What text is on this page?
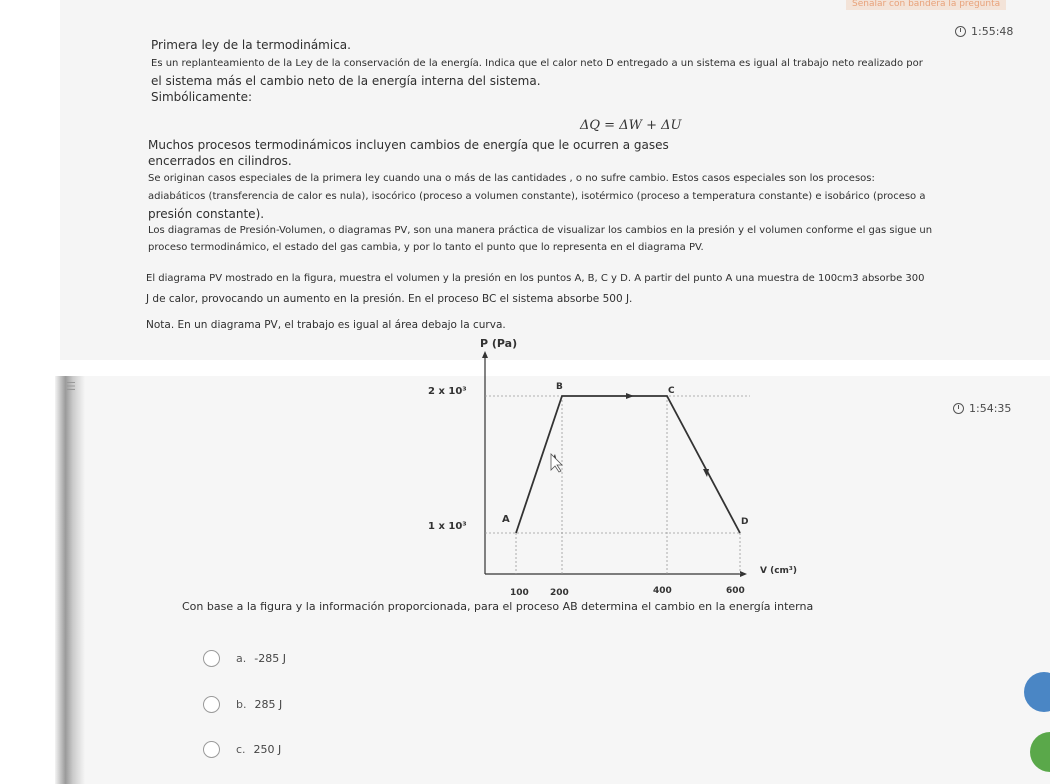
☰
Señalar con bandera la pregunta
1:55:48
1:54:35
Primera ley de la termodinámica.
Es un replanteamiento de la Ley de la conservación de la energía. Indica que el calor neto D entregado a un sistema es igual al trabajo neto realizado por
el sistema más el cambio neto de la energía interna del sistema.
Simbólicamente:
ΔQ = ΔW + ΔU
Muchos procesos termodinámicos incluyen cambios de energía que le ocurren a gases
encerrados en cilindros.
Se originan casos especiales de la primera ley cuando una o más de las cantidades , o no sufre cambio. Estos casos especiales son los procesos:
adiabáticos (transferencia de calor es nula), isocórico (proceso a volumen constante), isotérmico (proceso a temperatura constante) e isobárico (proceso a
presión constante).
Los diagramas de Presión-Volumen, o diagramas PV, son una manera práctica de visualizar los cambios en la presión y el volumen conforme el gas sigue un
proceso termodinámico, el estado del gas cambia, y por lo tanto el punto que lo representa en el diagrama PV.
El diagrama PV mostrado en la figura, muestra el volumen y la presión en los puntos A, B, C y D. A partir del punto A una muestra de 100cm3 absorbe 300
J de calor, provocando un aumento en la presión. En el proceso BC el sistema absorbe 500 J.
Nota. En un diagrama PV, el trabajo es igual al área debajo la curva.
P (Pa)
V (cm³)
2 x 10³
1 x 10³
100 200	400	600
A
B	C
D
Con base a la figura y la información proporcionada, para el proceso AB determina el cambio en la energía interna
a. -285 J
b. 285 J
c. 250 J
